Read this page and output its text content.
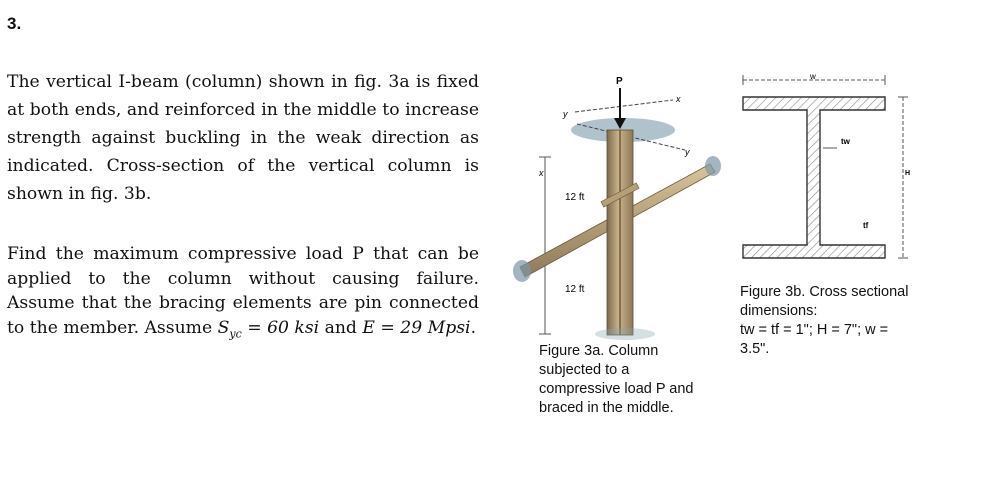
3.

The vertical I-beam (column) shown in fig. 3a is fixed at both ends, and reinforced in the middle to increase strength against buckling in the weak direction as indicated. Cross-section of the vertical column is shown in fig. 3b.

Find the maximum compressive load P that can be applied to the column without causing failure. Assume that the bracing elements are pin connected to the member. Assume $S_{yc} = 60$ ksi and E = 29 Mpsi.

P
x
y
y
x
12 ft
12 ft

Figure 3a. Column subjected to a compressive load P and braced in the middle.

w
tw
tf
H
Figure 3b. Cross sectional dimensions:
tw = tf = 1"; H = 7"; w = 3.5".
